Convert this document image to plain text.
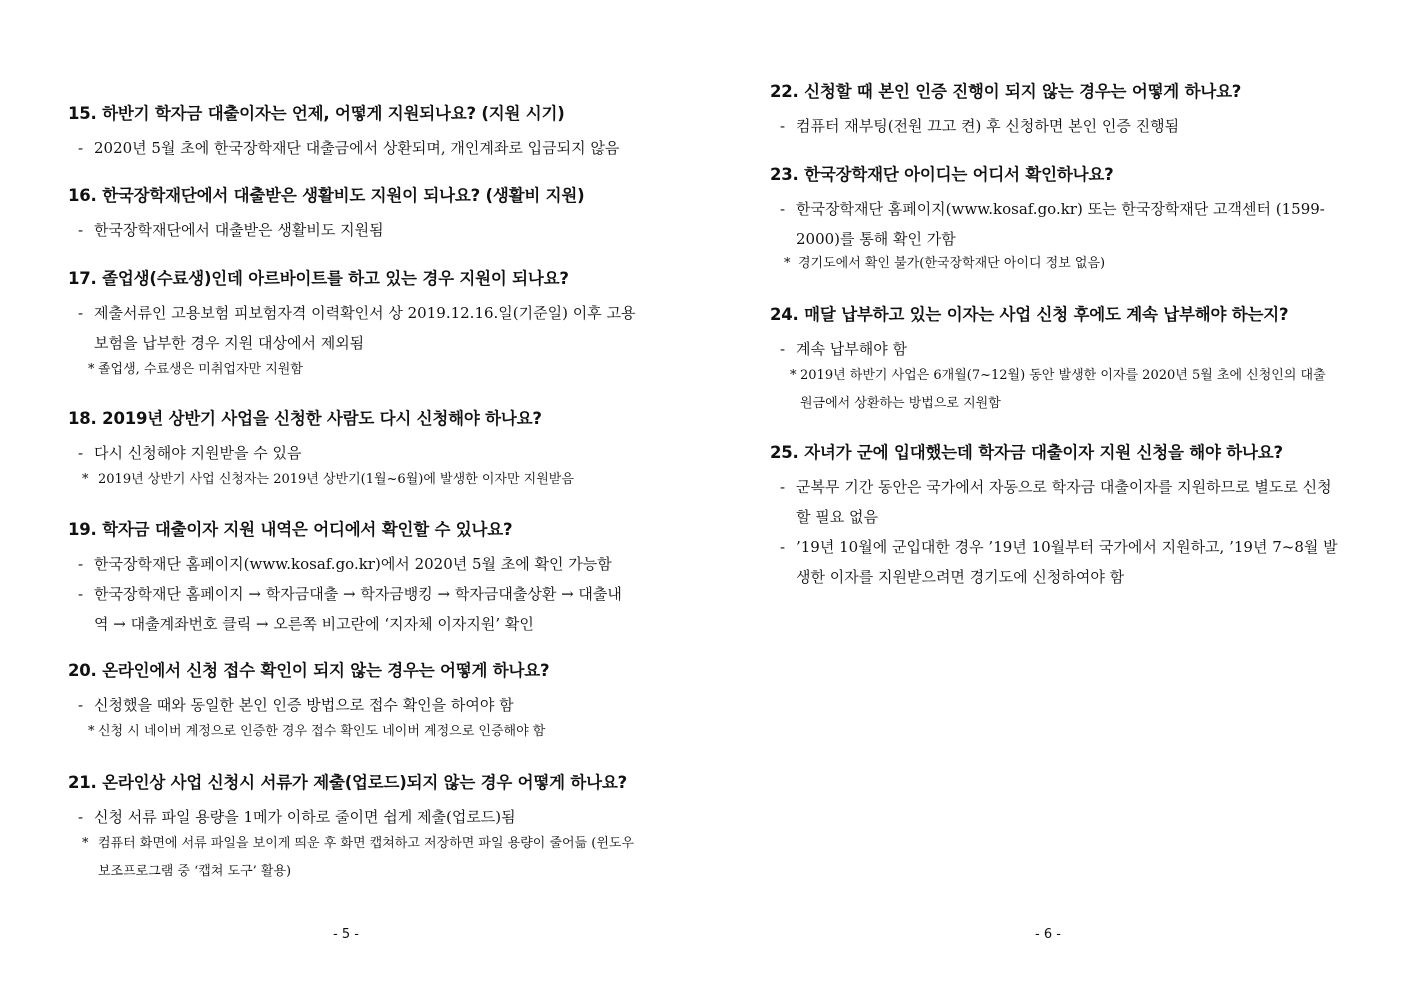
15. 하반기 학자금 대출이자는 언제, 어떻게 지원되나요? (지원 시기)
- 2020년 5월 초에 한국장학재단 대출금에서 상환되며, 개인계좌로 입금되지 않음
16. 한국장학재단에서 대출받은 생활비도 지원이 되나요? (생활비 지원)
- 한국장학재단에서 대출받은 생활비도 지원됨
17. 졸업생(수료생)인데 아르바이트를 하고 있는 경우 지원이 되나요?
- 제출서류인 고용보험 피보험자격 이력확인서 상 2019.12.16.일(기준일) 이후 고용보험을 납부한 경우 지원 대상에서 제외됨
* 졸업생, 수료생은 미취업자만 지원함
18. 2019년 상반기 사업을 신청한 사람도 다시 신청해야 하나요?
- 다시 신청해야 지원받을 수 있음
* 2019년 상반기 사업 신청자는 2019년 상반기(1월~6월)에 발생한 이자만 지원받음
19. 학자금 대출이자 지원 내역은 어디에서 확인할 수 있나요?
- 한국장학재단 홈페이지(www.kosaf.go.kr)에서 2020년 5월 초에 확인 가능함
- 한국장학재단 홈페이지 → 학자금대출 → 학자금뱅킹 → 학자금대출상환 → 대출내역 → 대출계좌번호 클릭 → 오른쪽 비고란에 ‘지자체 이자지원’ 확인
20. 온라인에서 신청 접수 확인이 되지 않는 경우는 어떻게 하나요?
- 신청했을 때와 동일한 본인 인증 방법으로 접수 확인을 하여야 함
* 신청 시 네이버 계정으로 인증한 경우 접수 확인도 네이버 계정으로 인증해야 함
21. 온라인상 사업 신청시 서류가 제출(업로드)되지 않는 경우 어떻게 하나요?
- 신청 서류 파일 용량을 1메가 이하로 줄이면 쉽게 제출(업로드)됨
* 컴퓨터 화면에 서류 파일을 보이게 띄운 후 화면 캡쳐하고 저장하면 파일 용량이 줄어듦 (윈도우 보조프로그램 중 ‘캡쳐 도구’ 활용)
- 5 -
22. 신청할 때 본인 인증 진행이 되지 않는 경우는 어떻게 하나요?
- 컴퓨터 재부팅(전원 끄고 켠) 후 신청하면 본인 인증 진행됨
23. 한국장학재단 아이디는 어디서 확인하나요?
- 한국장학재단 홈페이지(www.kosaf.go.kr) 또는 한국장학재단 고객센터 (1599-2000)를 통해 확인 가함
* 경기도에서 확인 불가(한국장학재단 아이디 정보 없음)
24. 매달 납부하고 있는 이자는 사업 신청 후에도 계속 납부해야 하는지?
- 계속 납부해야 함
* 2019년 하반기 사업은 6개월(7~12월) 동안 발생한 이자를 2020년 5월 초에 신청인의 대출 원금에서 상환하는 방법으로 지원함
25. 자녀가 군에 입대했는데 학자금 대출이자 지원 신청을 해야 하나요?
- 군복무 기간 동안은 국가에서 자동으로 학자금 대출이자를 지원하므로 별도로 신청할 필요 없음
- ’19년 10월에 군입대한 경우 ’19년 10월부터 국가에서 지원하고, ’19년 7~8월 발생한 이자를 지원받으려면 경기도에 신청하여야 함
- 6 -
